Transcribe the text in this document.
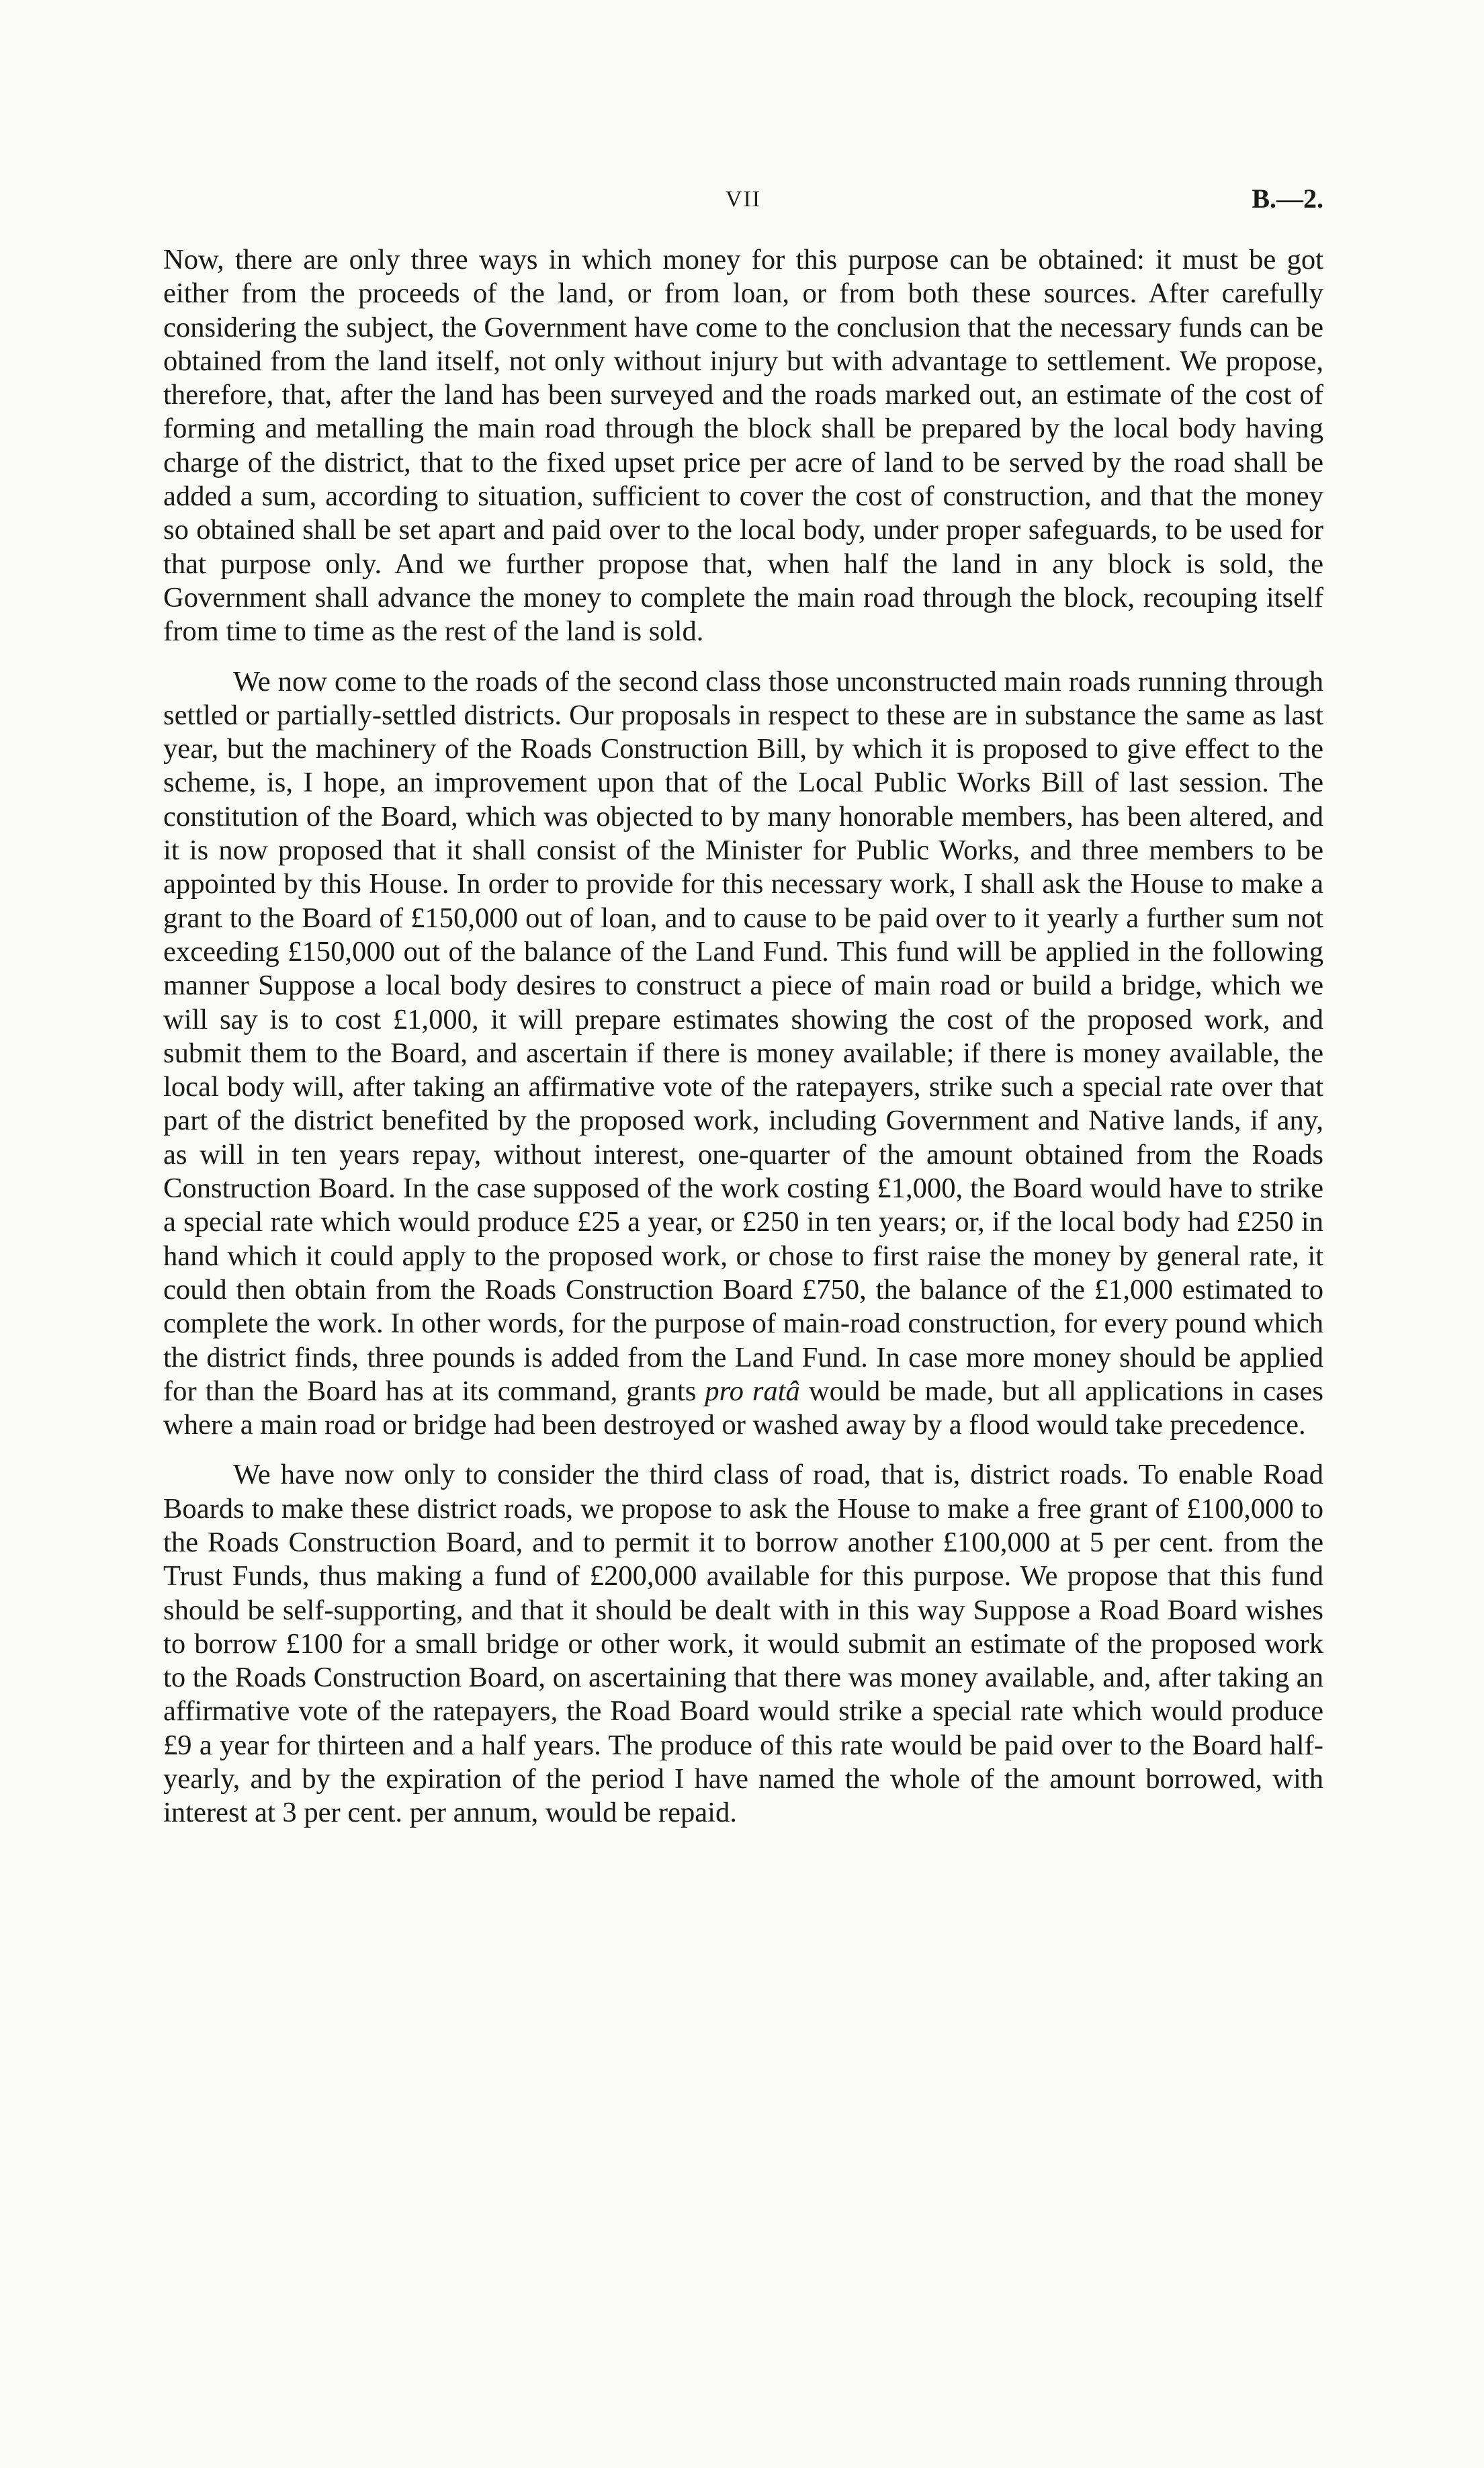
VII	B.—2.

Now, there are only three ways in which money for this purpose can be obtained: it must be got either from the proceeds of the land, or from loan, or from both these sources. After carefully considering the subject, the Government have come to the conclusion that the necessary funds can be obtained from the land itself, not only without injury but with advantage to settlement. We propose, therefore, that, after the land has been surveyed and the roads marked out, an estimate of the cost of forming and metalling the main road through the block shall be prepared by the local body having charge of the district, that to the fixed upset price per acre of land to be served by the road shall be added a sum, according to situation, sufficient to cover the cost of construction, and that the money so obtained shall be set apart and paid over to the local body, under proper safeguards, to be used for that purpose only. And we further propose that, when half the land in any block is sold, the Government shall advance the money to complete the main road through the block, recouping itself from time to time as the rest of the land is sold.

We now come to the roads of the second class those unconstructed main roads running through settled or partially-settled districts. Our proposals in respect to these are in substance the same as last year, but the machinery of the Roads Construction Bill, by which it is proposed to give effect to the scheme, is, I hope, an improvement upon that of the Local Public Works Bill of last session. The constitution of the Board, which was objected to by many honorable members, has been altered, and it is now proposed that it shall consist of the Minister for Public Works, and three members to be appointed by this House. In order to provide for this necessary work, I shall ask the House to make a grant to the Board of £150,000 out of loan, and to cause to be paid over to it yearly a further sum not exceeding £150,000 out of the balance of the Land Fund. This fund will be applied in the following manner Suppose a local body desires to construct a piece of main road or build a bridge, which we will say is to cost £1,000, it will prepare estimates showing the cost of the proposed work, and submit them to the Board, and ascertain if there is money available; if there is money available, the local body will, after taking an affirmative vote of the ratepayers, strike such a special rate over that part of the district benefited by the proposed work, including Government and Native lands, if any, as will in ten years repay, without interest, one-quarter of the amount obtained from the Roads Construction Board. In the case supposed of the work costing £1,000, the Board would have to strike a special rate which would produce £25 a year, or £250 in ten years; or, if the local body had £250 in hand which it could apply to the proposed work, or chose to first raise the money by general rate, it could then obtain from the Roads Construction Board £750, the balance of the £1,000 estimated to complete the work. In other words, for the purpose of main-road construction, for every pound which the district finds, three pounds is added from the Land Fund. In case more money should be applied for than the Board has at its command, grants pro ratâ would be made, but all applications in cases where a main road or bridge had been destroyed or washed away by a flood would take precedence.

We have now only to consider the third class of road, that is, district roads. To enable Road Boards to make these district roads, we propose to ask the House to make a free grant of £100,000 to the Roads Construction Board, and to permit it to borrow another £100,000 at 5 per cent. from the Trust Funds, thus making a fund of £200,000 available for this purpose. We propose that this fund should be self-supporting, and that it should be dealt with in this way Suppose a Road Board wishes to borrow £100 for a small bridge or other work, it would submit an estimate of the proposed work to the Roads Construction Board, on ascertaining that there was money available, and, after taking an affirmative vote of the ratepayers, the Road Board would strike a special rate which would produce £9 a year for thirteen and a half years. The produce of this rate would be paid over to the Board half-yearly, and by the expiration of the period I have named the whole of the amount borrowed, with interest at 3 per cent. per annum, would be repaid.
